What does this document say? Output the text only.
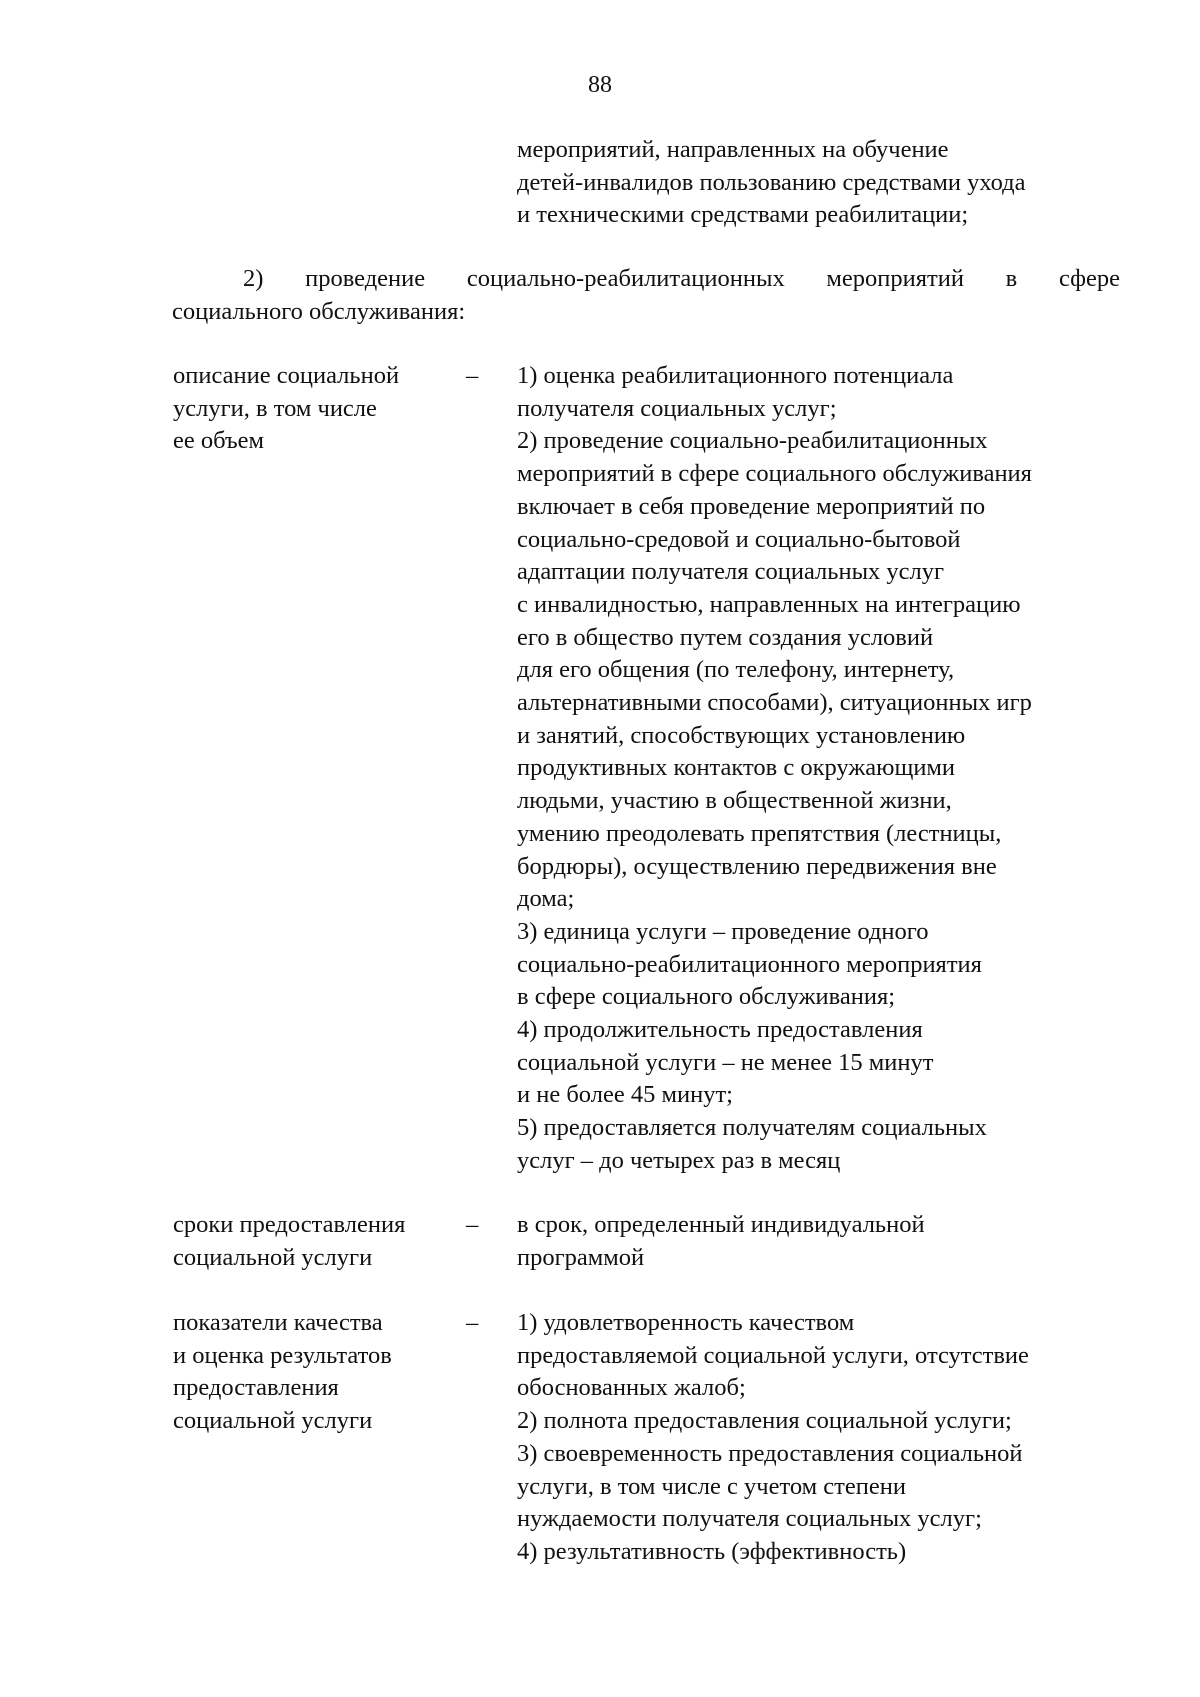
88
мероприятий, направленных на обучение
детей-инвалидов пользованию средствами ухода
и техническими средствами реабилитации;
2) проведение социально-реабилитационных мероприятий в сфере
социального обслуживания:
описание социальной
услуги, в том числе
ее объем
– 1) оценка реабилитационного потенциала
получателя социальных услуг;
2) проведение социально-реабилитационных
мероприятий в сфере социального обслуживания
включает в себя проведение мероприятий по
социально-средовой и социально-бытовой
адаптации получателя социальных услуг
с инвалидностью, направленных на интеграцию
его в общество путем создания условий
для его общения (по телефону, интернету,
альтернативными способами), ситуационных игр
и занятий, способствующих установлению
продуктивных контактов с окружающими
людьми, участию в общественной жизни,
умению преодолевать препятствия (лестницы,
бордюры), осуществлению передвижения вне
дома;
3) единица услуги – проведение одного
социально-реабилитационного мероприятия
в сфере социального обслуживания;
4) продолжительность предоставления
социальной услуги – не менее 15 минут
и не более 45 минут;
5) предоставляется получателям социальных
услуг – до четырех раз в месяц
сроки предоставления
социальной услуги
– в срок, определенный индивидуальной
программой
показатели качества
и оценка результатов
предоставления
социальной услуги
– 1) удовлетворенность качеством
предоставляемой социальной услуги, отсутствие
обоснованных жалоб;
2) полнота предоставления социальной услуги;
3) своевременность предоставления социальной
услуги, в том числе с учетом степени
нуждаемости получателя социальных услуг;
4) результативность (эффективность)
